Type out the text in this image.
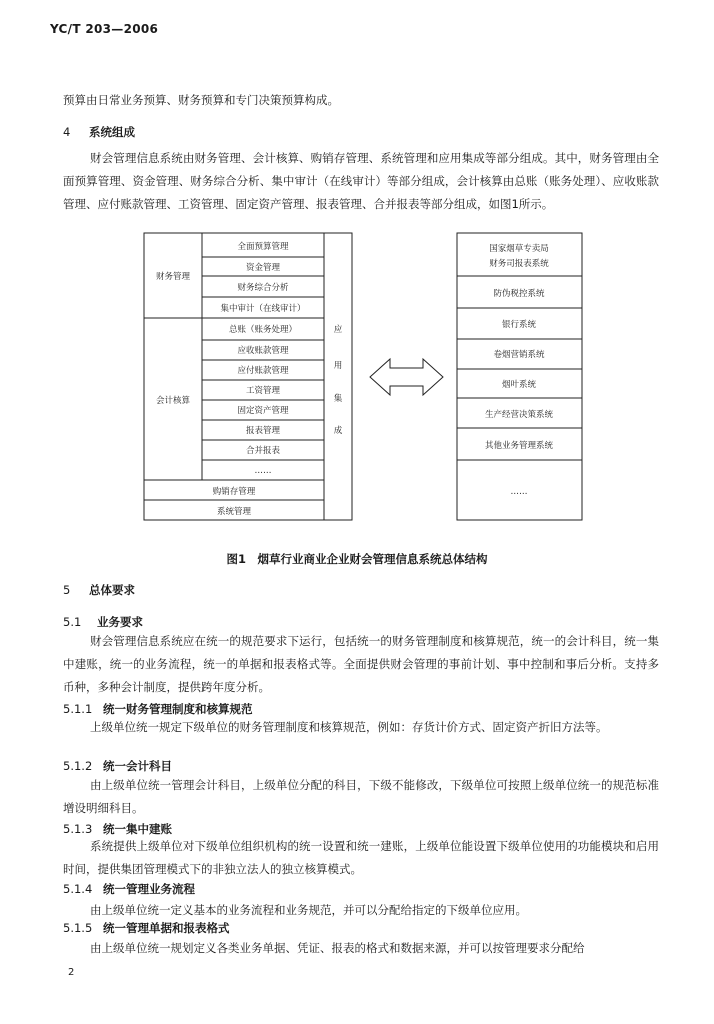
YC/T 203—2006
预算由日常业务预算、财务预算和专门决策预算构成。
4 系统组成
财会管理信息系统由财务管理、会计核算、购销存管理、系统管理和应用集成等部分组成。其中，财务管理由全面预算管理、资金管理、财务综合分析、集中审计（在线审计）等部分组成，会计核算由总账（账务处理）、应收账款管理、应付账款管理、工资管理、固定资产管理、报表管理、合并报表等部分组成，如图1所示。
财务管理
会计核算
全面预算管理
资金管理
财务综合分析
集中审计（在线审计）
总账（账务处理）
应收账款管理
应付账款管理
工资管理
固定资产管理
报表管理
合并报表
……
购销存管理
系统管理
应
用
集
成
国家烟草专卖局
财务司报表系统
防伪税控系统
银行系统
卷烟营销系统
烟叶系统
生产经营决策系统
其他业务管理系统
……
图1　烟草行业商业企业财会管理信息系统总体结构
5 总体要求
5.1 业务要求
财会管理信息系统应在统一的规范要求下运行，包括统一的财务管理制度和核算规范，统一的会计科目，统一集中建账，统一的业务流程，统一的单据和报表格式等。全面提供财会管理的事前计划、事中控制和事后分析。支持多币种，多种会计制度，提供跨年度分析。
5.1.1 统一财务管理制度和核算规范
上级单位统一规定下级单位的财务管理制度和核算规范，例如：存货计价方式、固定资产折旧方法等。
5.1.2 统一会计科目
由上级单位统一管理会计科目，上级单位分配的科目，下级不能修改，下级单位可按照上级单位统一的规范标准增设明细科目。
5.1.3 统一集中建账
系统提供上级单位对下级单位组织机构的统一设置和统一建账，上级单位能设置下级单位使用的功能模块和启用时间，提供集团管理模式下的非独立法人的独立核算模式。
5.1.4 统一管理业务流程
由上级单位统一定义基本的业务流程和业务规范，并可以分配给指定的下级单位应用。
5.1.5 统一管理单据和报表格式
由上级单位统一规划定义各类业务单据、凭证、报表的格式和数据来源，并可以按管理要求分配给
2
